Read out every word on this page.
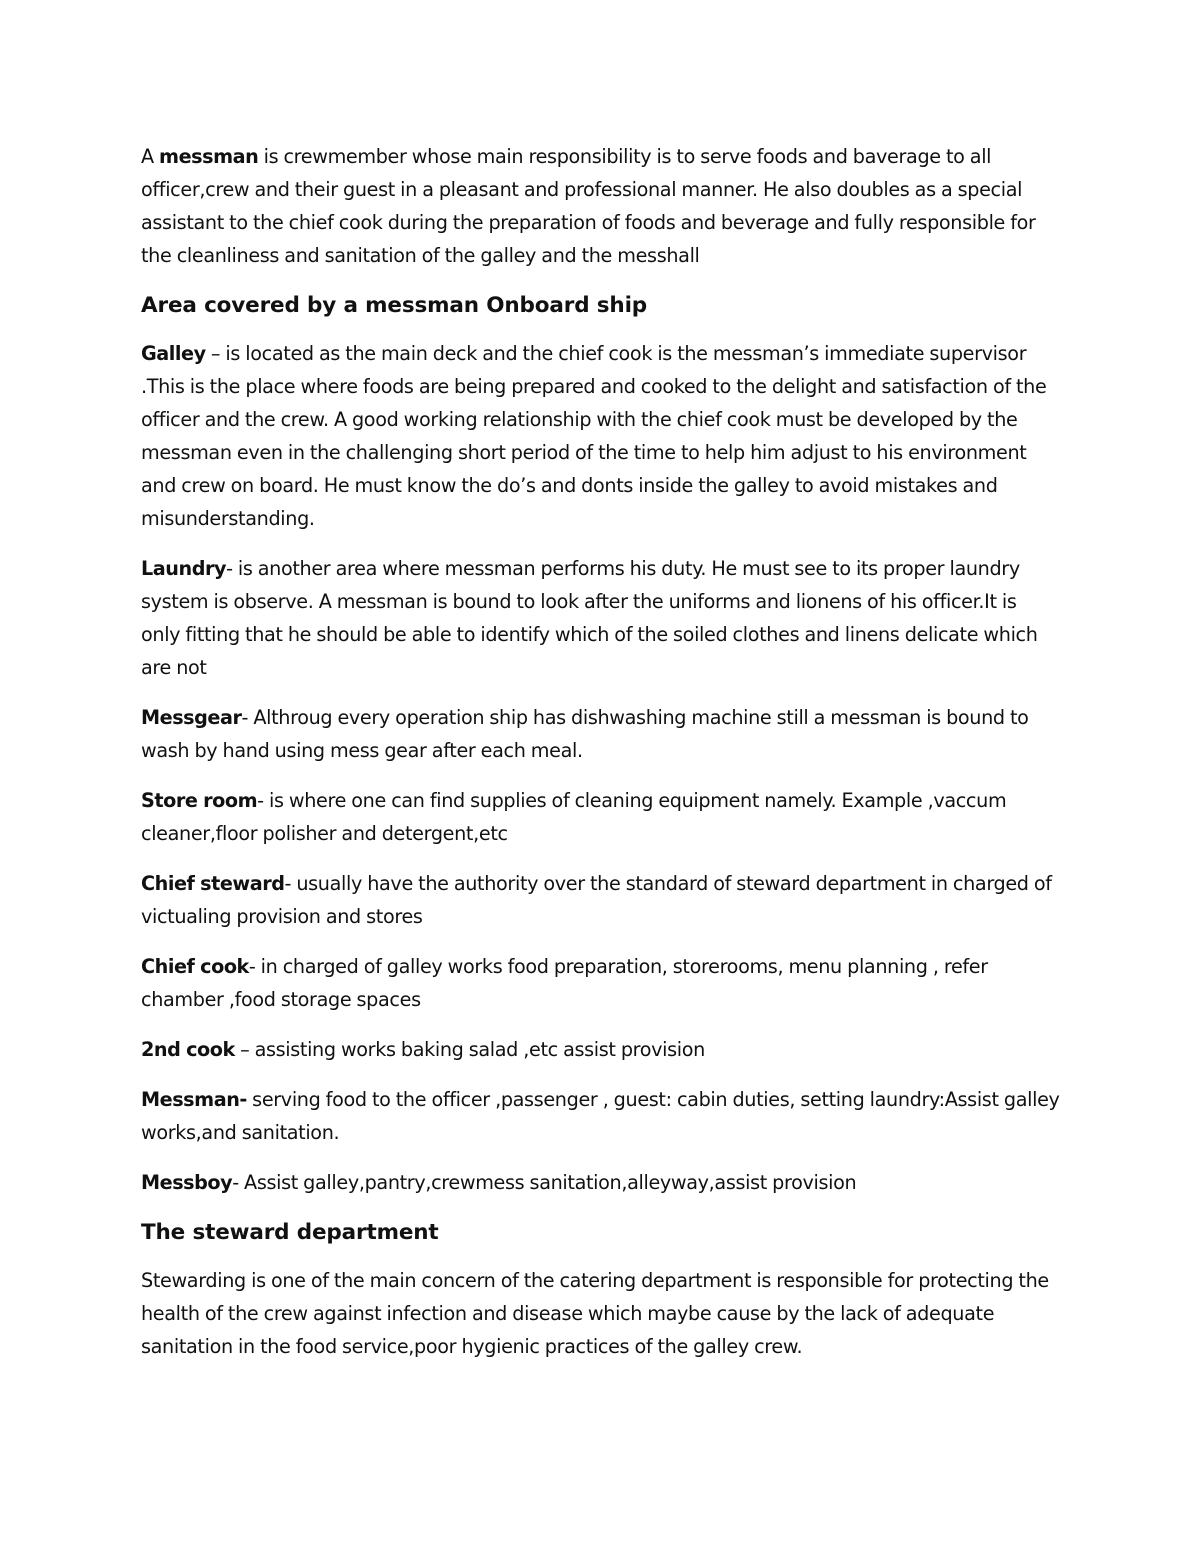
A messman is crewmember whose main responsibility is to serve foods and baverage to all officer,crew and their guest in a pleasant and professional manner. He also doubles as a special assistant to the chief cook during the preparation of foods and beverage and fully responsible for the cleanliness and sanitation of the galley and the messhall

Area covered by a messman Onboard ship

Galley – is located as the main deck and the chief cook is the messman’s immediate supervisor .This is the place where foods are being prepared and cooked to the delight and satisfaction of the officer and the crew. A good working relationship with the chief cook must be developed by the messman even in the challenging short period of the time to help him adjust to his environment and crew on board. He must know the do’s and donts inside the galley to avoid mistakes and misunderstanding.

Laundry- is another area where messman performs his duty. He must see to its proper laundry system is observe. A messman is bound to look after the uniforms and lionens of his officer.It is only fitting that he should be able to identify which of the soiled clothes and linens delicate which are not

Messgear- Althroug every operation ship has dishwashing machine still a messman is bound to wash by hand using mess gear after each meal.

Store room- is where one can find supplies of cleaning equipment namely. Example ,vaccum cleaner,floor polisher and detergent,etc

Chief steward- usually have the authority over the standard of steward department in charged of victualing provision and stores

Chief cook- in charged of galley works food preparation, storerooms, menu planning , refer chamber ,food storage spaces

2nd cook – assisting works baking salad ,etc assist provision

Messman- serving food to the officer ,passenger , guest: cabin duties, setting laundry:Assist galley works,and sanitation.

Messboy- Assist galley,pantry,crewmess sanitation,alleyway,assist provision

The steward department

Stewarding is one of the main concern of the catering department is responsible for protecting the health of the crew against infection and disease which maybe cause by the lack of adequate sanitation in the food service,poor hygienic practices of the galley crew.
